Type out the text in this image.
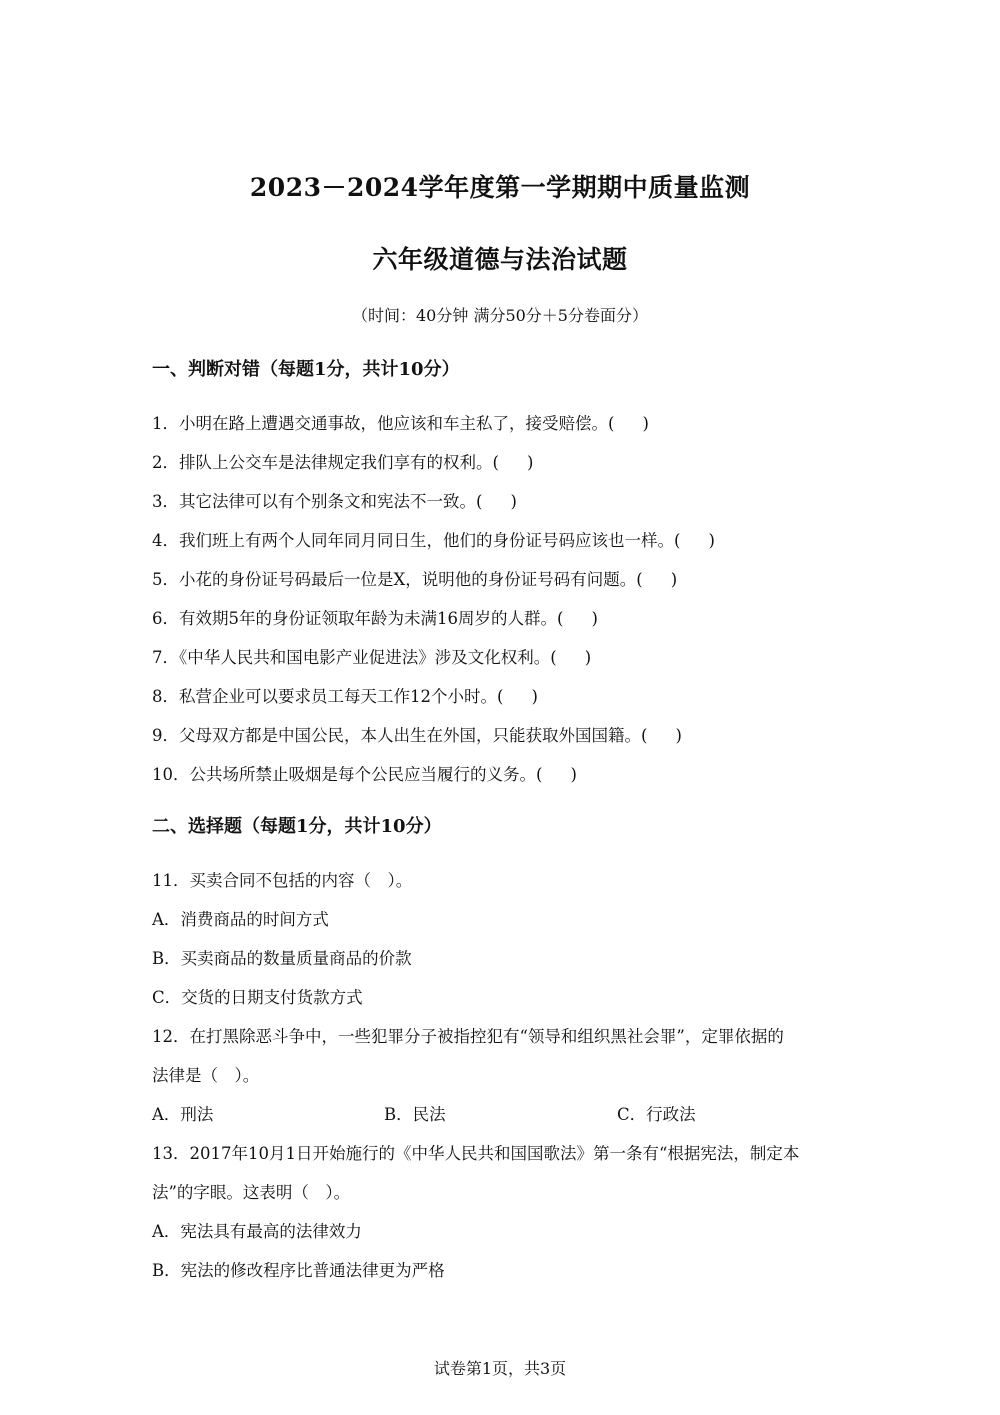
2023－2024学年度第一学期期中质量监测
六年级道德与法治试题
（时间：40分钟 满分50分＋5分卷面分）
一、判断对错（每题1分，共计10分）
1．小明在路上遭遇交通事故，他应该和车主私了，接受赔偿。( )
2．排队上公交车是法律规定我们享有的权利。( )
3．其它法律可以有个别条文和宪法不一致。( )
4．我们班上有两个人同年同月同日生，他们的身份证号码应该也一样。( )
5．小花的身份证号码最后一位是X，说明他的身份证号码有问题。( )
6．有效期5年的身份证领取年龄为未满16周岁的人群。( )
7．《中华人民共和国电影产业促进法》涉及文化权利。( )
8．私营企业可以要求员工每天工作12个小时。( )
9．父母双方都是中国公民，本人出生在外国，只能获取外国国籍。( )
10．公共场所禁止吸烟是每个公民应当履行的义务。( )
二、选择题（每题1分，共计10分）
11．买卖合同不包括的内容（　）。
A．消费商品的时间方式
B．买卖商品的数量质量商品的价款
C．交货的日期支付货款方式
12．在打黑除恶斗争中，一些犯罪分子被指控犯有“领导和组织黑社会罪”，定罪依据的
法律是（　）。
A．刑法	B．民法	C．行政法
13．2017年10月1日开始施行的《中华人民共和国国歌法》第一条有“根据宪法，制定本
法”的字眼。这表明（　）。
A．宪法具有最高的法律效力
B．宪法的修改程序比普通法律更为严格
试卷第1页，共3页
